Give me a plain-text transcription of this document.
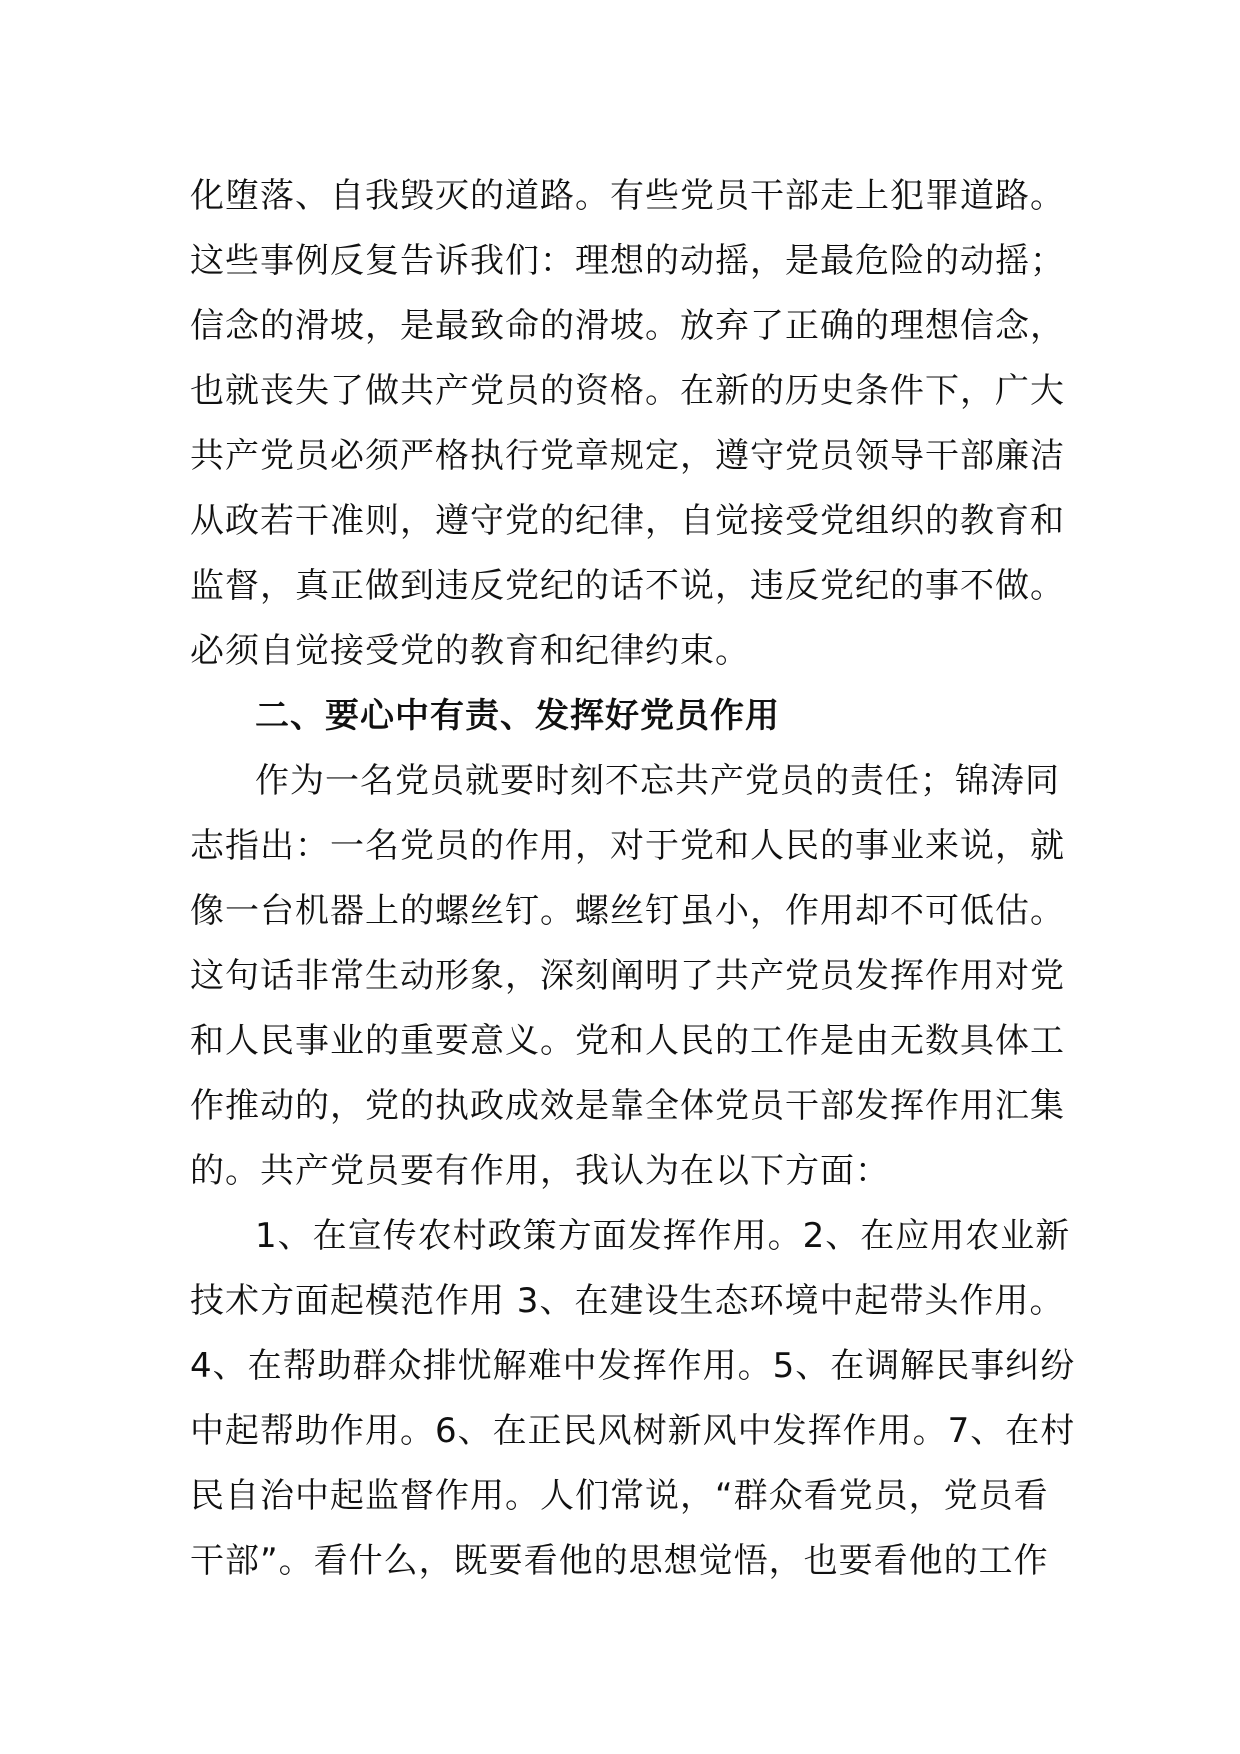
化堕落、自我毁灭的道路。有些党员干部走上犯罪道路。
这些事例反复告诉我们：理想的动摇，是最危险的动摇；
信念的滑坡，是最致命的滑坡。放弃了正确的理想信念，
也就丧失了做共产党员的资格。在新的历史条件下，广大
共产党员必须严格执行党章规定，遵守党员领导干部廉洁
从政若干准则，遵守党的纪律，自觉接受党组织的教育和
监督，真正做到违反党纪的话不说，违反党纪的事不做。
必须自觉接受党的教育和纪律约束。
二、要心中有责、发挥好党员作用
作为一名党员就要时刻不忘共产党员的责任；锦涛同
志指出：一名党员的作用，对于党和人民的事业来说，就
像一台机器上的螺丝钉。螺丝钉虽小，作用却不可低估。
这句话非常生动形象，深刻阐明了共产党员发挥作用对党
和人民事业的重要意义。党和人民的工作是由无数具体工
作推动的，党的执政成效是靠全体党员干部发挥作用汇集
的。共产党员要有作用，我认为在以下方面：
1、在宣传农村政策方面发挥作用。2、在应用农业新
技术方面起模范作用 3、在建设生态环境中起带头作用。
4、在帮助群众排忧解难中发挥作用。5、在调解民事纠纷
中起帮助作用。6、在正民风树新风中发挥作用。7、在村
民自治中起监督作用。人们常说，“群众看党员，党员看
干部”。看什么，既要看他的思想觉悟，也要看他的工作
